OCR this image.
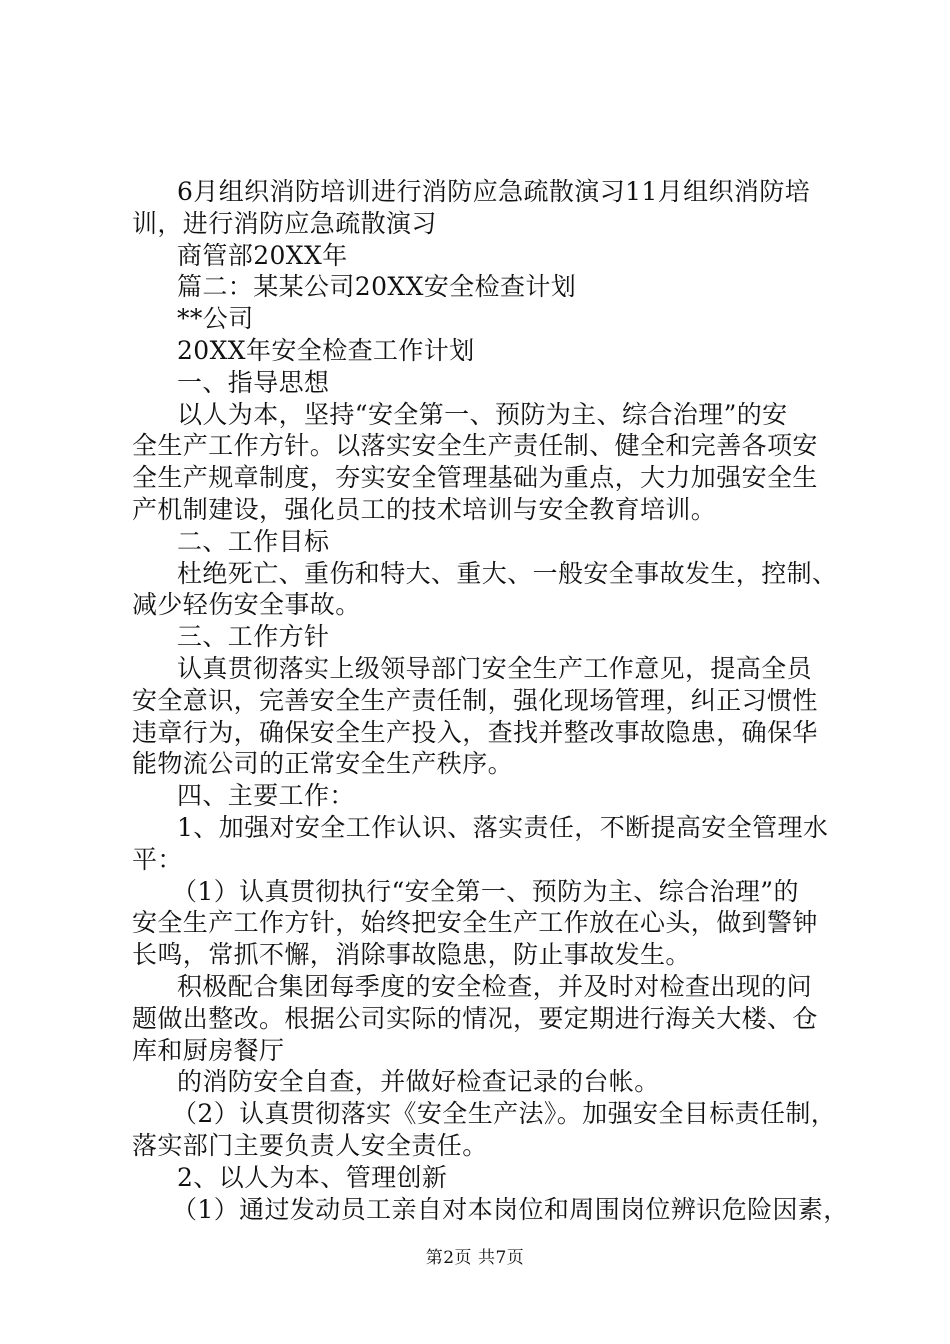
6月组织消防培训进行消防应急疏散演习11月组织消防培
训，进行消防应急疏散演习
商管部20XX年
篇二：某某公司20XX安全检查计划
**公司
20XX年安全检查工作计划
一、指导思想
以人为本，坚持“安全第一、预防为主、综合治理”的安
全生产工作方针。以落实安全生产责任制、健全和完善各项安
全生产规章制度，夯实安全管理基础为重点，大力加强安全生
产机制建设，强化员工的技术培训与安全教育培训。
二、工作目标
杜绝死亡、重伤和特大、重大、一般安全事故发生，控制、
减少轻伤安全事故。
三、工作方针
认真贯彻落实上级领导部门安全生产工作意见，提高全员
安全意识，完善安全生产责任制，强化现场管理，纠正习惯性
违章行为，确保安全生产投入，查找并整改事故隐患，确保华
能物流公司的正常安全生产秩序。
四、主要工作：
1、加强对安全工作认识、落实责任，不断提高安全管理水
平：
（1）认真贯彻执行“安全第一、预防为主、综合治理”的
安全生产工作方针，始终把安全生产工作放在心头，做到警钟
长鸣，常抓不懈，消除事故隐患，防止事故发生。
积极配合集团每季度的安全检查，并及时对检查出现的问
题做出整改。根据公司实际的情况，要定期进行海关大楼、仓
库和厨房餐厅
的消防安全自查，并做好检查记录的台帐。
（2）认真贯彻落实《安全生产法》。加强安全目标责任制，
落实部门主要负责人安全责任。
2、以人为本、管理创新
（1）通过发动员工亲自对本岗位和周围岗位辨识危险因素，
第2页 共7页
